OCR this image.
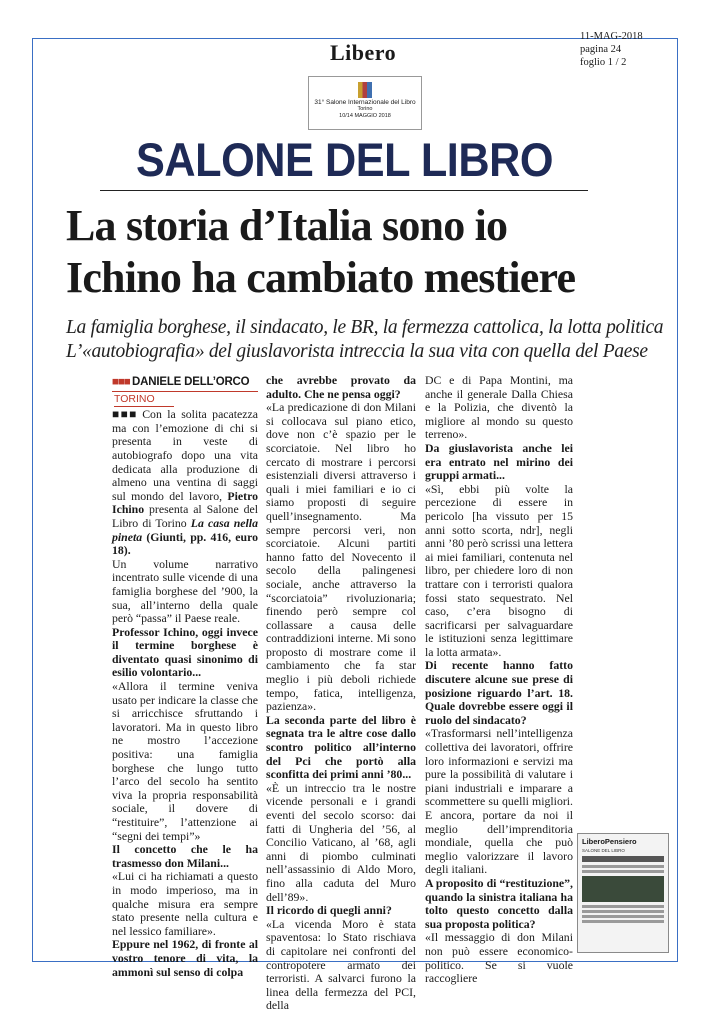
Libero
11-MAG-2018
pagina 24
foglio 1 / 2
31° Salone Internazionale del Libro
Torino
10/14 MAGGIO 2018
SALONE DEL LIBRO
La storia d’Italia sono io
Ichino ha cambiato mestiere
La famiglia borghese, il sindacato, le BR, la fermezza cattolica, la lotta politica
L’«autobiografia» del giuslavorista intreccia la sua vita con quella del Paese
■■■ DANIELE DELL’ORCO
TORINO

■■■ Con la solita pacatezza ma con l’emozione di chi si presenta in veste di autobiografo dopo una vita dedicata alla produzione di almeno una ventina di saggi sul mondo del lavoro, Pietro Ichino presenta al Salone del Libro di Torino La casa nella pineta (Giunti, pp. 416, euro 18).

Un volume narrativo incentrato sulle vicende di una famiglia borghese del ’900, la sua, all’interno della quale però “passa” il Paese reale.

Professor Ichino, oggi invece il termine borghese è diventato quasi sinonimo di esilio volontario...

«Allora il termine veniva usato per indicare la classe che si arricchisce sfruttando i lavoratori. Ma in questo libro ne mostro l’accezione positiva: una famiglia borghese che lungo tutto l’arco del secolo ha sentito viva la propria responsabilità sociale, il dovere di “restituire”, l’attenzione ai “segni dei tempi”»

Il concetto che le ha trasmesso don Milani...

«Lui ci ha richiamati a questo in modo imperioso, ma in qualche misura era sempre stato presente nella cultura e nel lessico familiare».

Eppure nel 1962, di fronte al vostro tenore di vita, la ammonì sul senso di colpa

che avrebbe provato da adulto. Che ne pensa oggi?

«La predicazione di don Milani si collocava sul piano etico, dove non c’è spazio per le scorciatoie. Nel libro ho cercato di mostrare i percorsi esistenziali diversi attraverso i quali i miei familiari e io ci siamo proposti di seguire quell’insegnamento. Ma sempre percorsi veri, non scorciatoie. Alcuni partiti hanno fatto del Novecento il secolo della palingenesi sociale, anche attraverso la “scorciatoia” rivoluzionaria; finendo però sempre col collassare a causa delle contraddizioni interne. Mi sono proposto di mostrare come il cambiamento che fa star meglio i più deboli richiede tempo, fatica, intelligenza, pazienza».

La seconda parte del libro è segnata tra le altre cose dallo scontro politico all’interno del Pci che portò alla sconfitta dei primi anni ’80...

«È un intreccio tra le nostre vicende personali e i grandi eventi del secolo scorso: dai fatti di Ungheria del ’56, al Concilio Vaticano, al ’68, agli anni di piombo culminati nell’assassinio di Aldo Moro, fino alla caduta del Muro dell’89».

Il ricordo di quegli anni?

«La vicenda Moro è stata spaventosa: lo Stato rischiava di capitolare nei confronti del contropotere armato dei terroristi. A salvarci furono la linea della fermezza del PCI, della

DC e di Papa Montini, ma anche il generale Dalla Chiesa e la Polizia, che diventò la migliore al mondo su questo terreno».

Da giuslavorista anche lei era entrato nel mirino dei gruppi armati...

«Sì, ebbi più volte la percezione di essere in pericolo [ha vissuto per 15 anni sotto scorta, ndr], negli anni ’80 però scrissi una lettera ai miei familiari, contenuta nel libro, per chiedere loro di non trattare con i terroristi qualora fossi stato sequestrato. Nel caso, c’era bisogno di sacrificarsi per salvaguardare le istituzioni senza legittimare la lotta armata».

Di recente hanno fatto discutere alcune sue prese di posizione riguardo l’art. 18. Quale dovrebbe essere oggi il ruolo del sindacato?

«Trasformarsi nell’intelligenza collettiva dei lavoratori, offrire loro informazioni e servizi ma pure la possibilità di valutare i piani industriali e imparare a scommettere su quelli migliori. E ancora, portare da noi il meglio dell’imprenditoria mondiale, quella che può meglio valorizzare il lavoro degli italiani.

A proposito di “restituzione”, quando la sinistra italiana ha tolto questo concetto dalla sua proposta politica?

«Il messaggio di don Milani non può essere economico-politico. Se si vuole raccogliere

LiberoPensiero
SALONE DEL LIBRO
